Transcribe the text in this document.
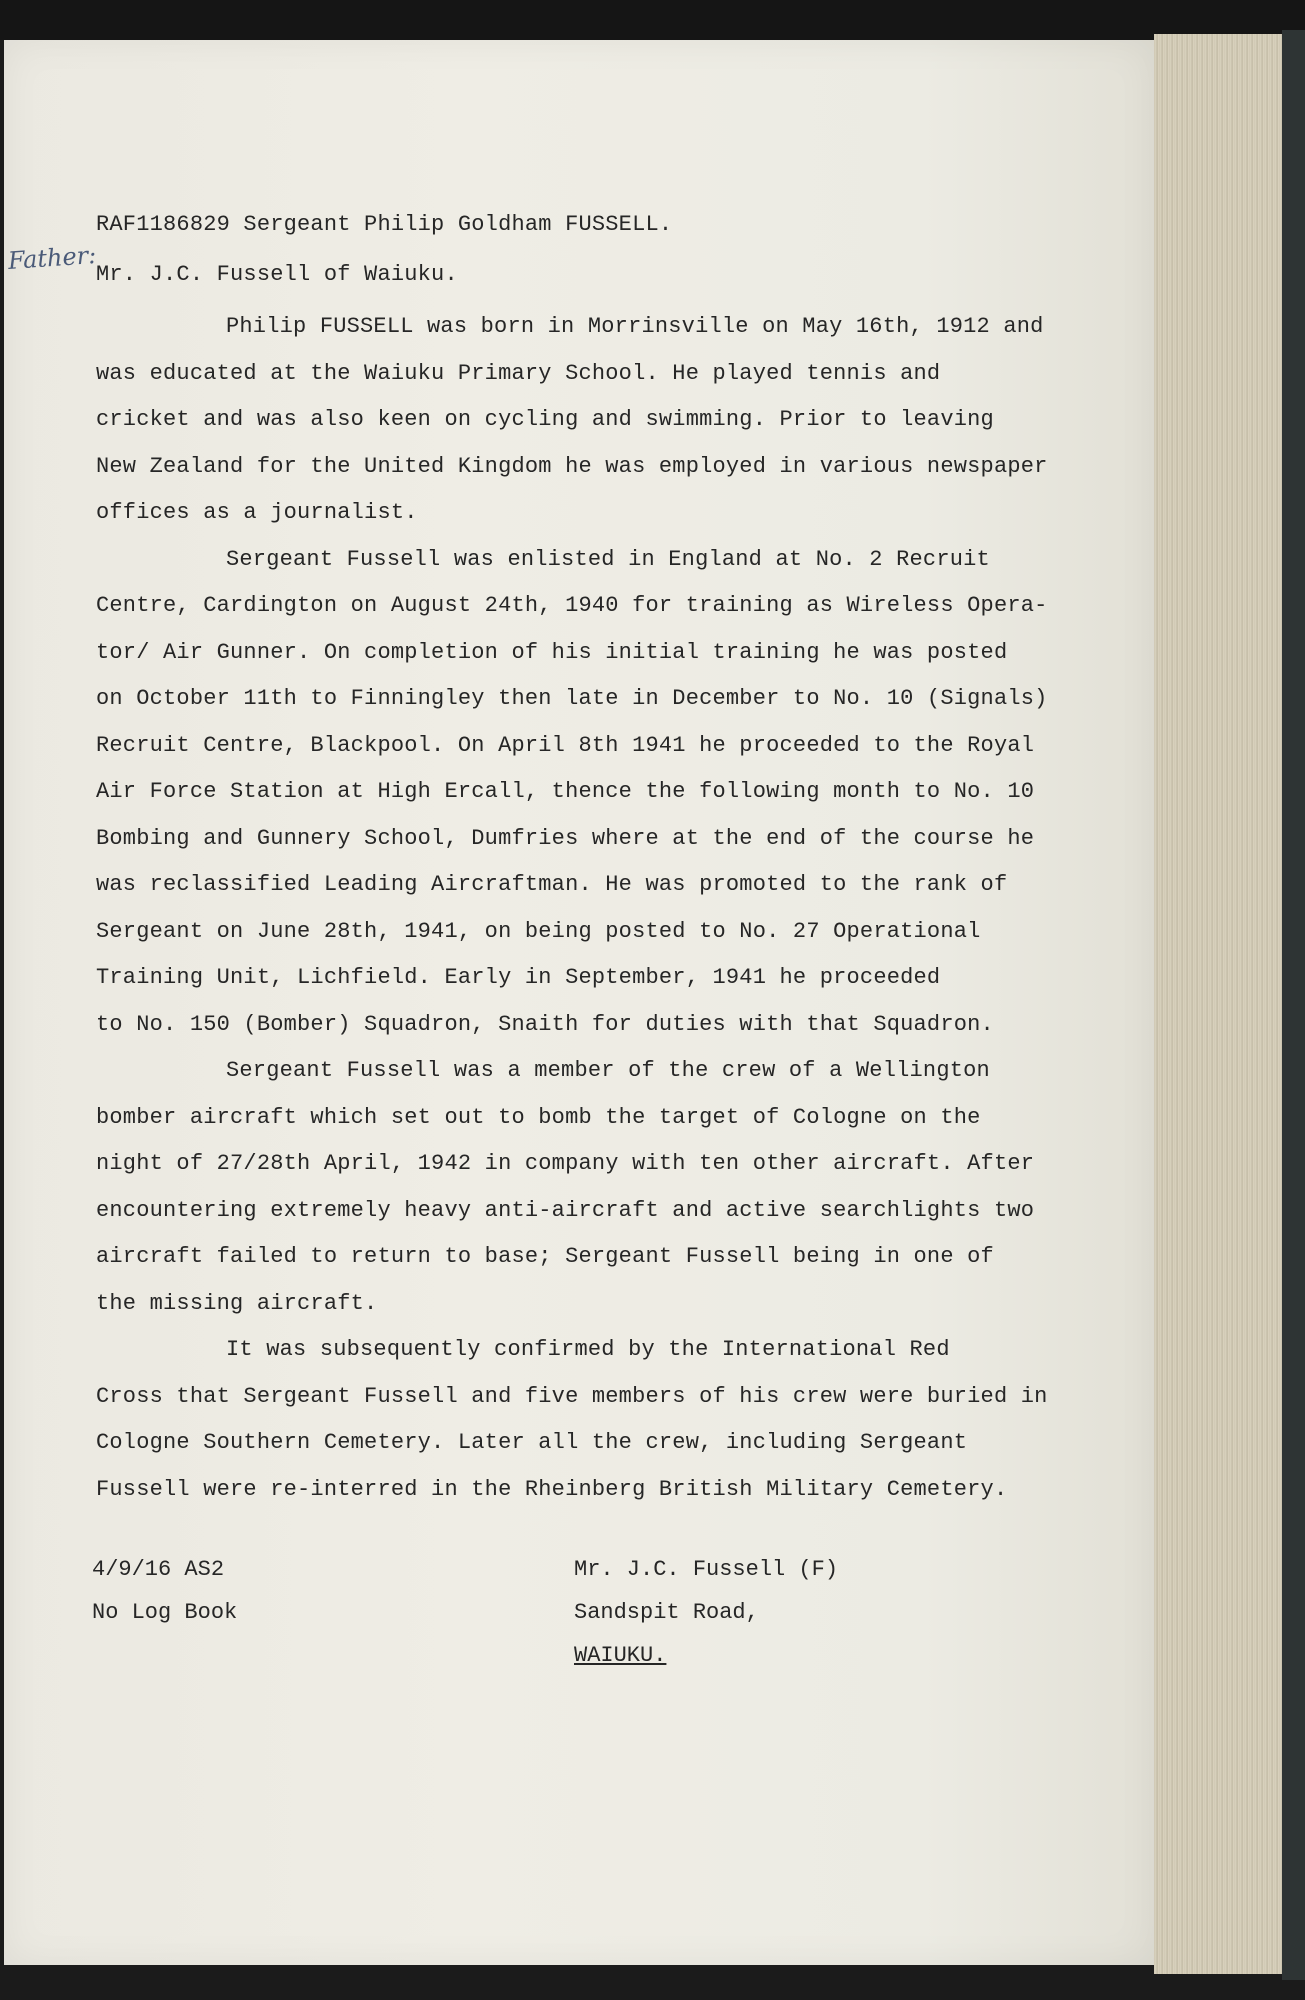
Father:
RAF1186829 Sergeant Philip Goldham FUSSELL.
Mr. J.C. Fussell of Waiuku.
Philip FUSSELL was born in Morrinsville on May 16th, 1912 and
was educated at the Waiuku Primary School. He played tennis and
cricket and was also keen on cycling and swimming. Prior to leaving
New Zealand for the United Kingdom he was employed in various newspaper
offices as a journalist.
Sergeant Fussell was enlisted in England at No. 2 Recruit
Centre, Cardington on August 24th, 1940 for training as Wireless Opera-
tor/ Air Gunner. On completion of his initial training he was posted
on October 11th to Finningley then late in December to No. 10 (Signals)
Recruit Centre, Blackpool. On April 8th 1941 he proceeded to the Royal
Air Force Station at High Ercall, thence the following month to No. 10
Bombing and Gunnery School, Dumfries where at the end of the course he
was reclassified Leading Aircraftman. He was promoted to the rank of
Sergeant on June 28th, 1941, on being posted to No. 27 Operational
Training Unit, Lichfield. Early in September, 1941 he proceeded
to No. 150 (Bomber) Squadron, Snaith for duties with that Squadron.
Sergeant Fussell was a member of the crew of a Wellington
bomber aircraft which set out to bomb the target of Cologne on the
night of 27/28th April, 1942 in company with ten other aircraft. After
encountering extremely heavy anti-aircraft and active searchlights two
aircraft failed to return to base; Sergeant Fussell being in one of
the missing aircraft.
It was subsequently confirmed by the International Red
Cross that Sergeant Fussell and five members of his crew were buried in
Cologne Southern Cemetery. Later all the crew, including Sergeant
Fussell were re-interred in the Rheinberg British Military Cemetery.
4/9/16 AS2
No Log Book
Mr. J.C. Fussell (F)
Sandspit Road,
WAIUKU.
